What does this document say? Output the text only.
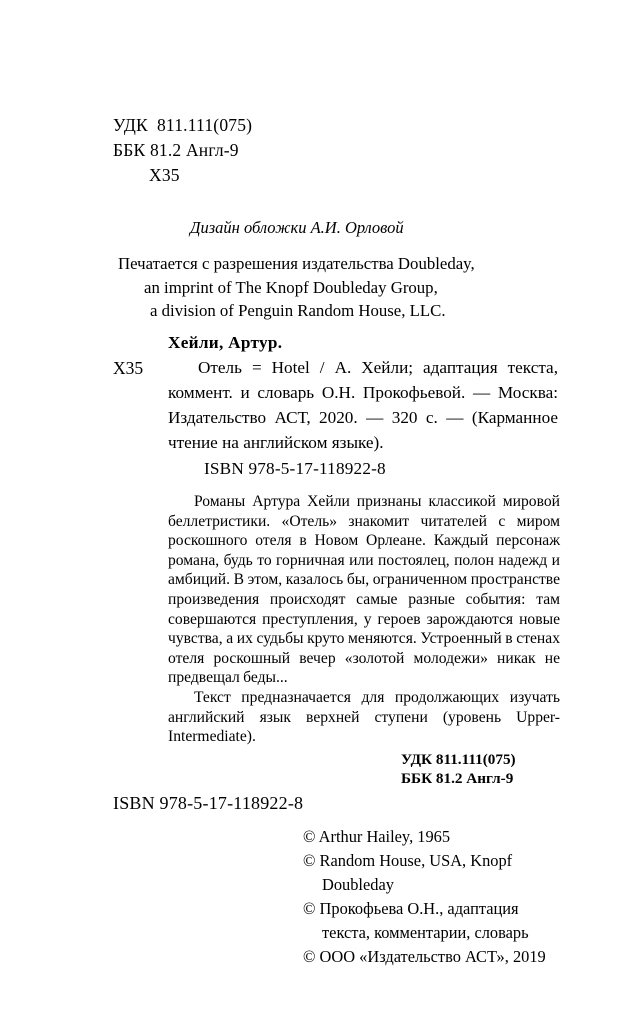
УДК  811.111(075)
ББК 81.2 Англ-9
Х35
Дизайн обложки А.И. Орловой
Печатается с разрешения издательства Doubleday,
an imprint of The Knopf Doubleday Group,
a division of Penguin Random House, LLC.
Х35
Хейли, Артур.
Отель = Hotel / А. Хейли; адаптация текста, коммент. и словарь О.Н. Прокофьевой. — Москва: Издательство АСТ, 2020. — 320 с. — (Карманное чтение на английском языке).
ISBN 978-5-17-118922-8

Романы Артура Хейли признаны классикой мировой беллетристики. «Отель» знакомит читателей с миром роскошного отеля в Новом Орлеане. Каждый персонаж романа, будь то горничная или постоялец, полон надежд и амбиций. В этом, казалось бы, ограниченном пространстве произведения происходят самые разные события: там совершаются преступления, у героев зарождаются новые чувства, а их судьбы круто меняются. Устроенный в стенах отеля роскошный вечер «золотой молодежи» никак не предвещал беды...

Текст предназначается для продолжающих изучать английский язык верхней ступени (уровень Upper-Intermediate).

УДК 811.111(075)
ББК 81.2 Англ-9
ISBN 978-5-17-118922-8
© Arthur Hailey, 1965
© Random House, USA, Knopf
Doubleday
© Прокофьева О.Н., адаптация
текста, комментарии, словарь
© ООО «Издательство АСТ», 2019
